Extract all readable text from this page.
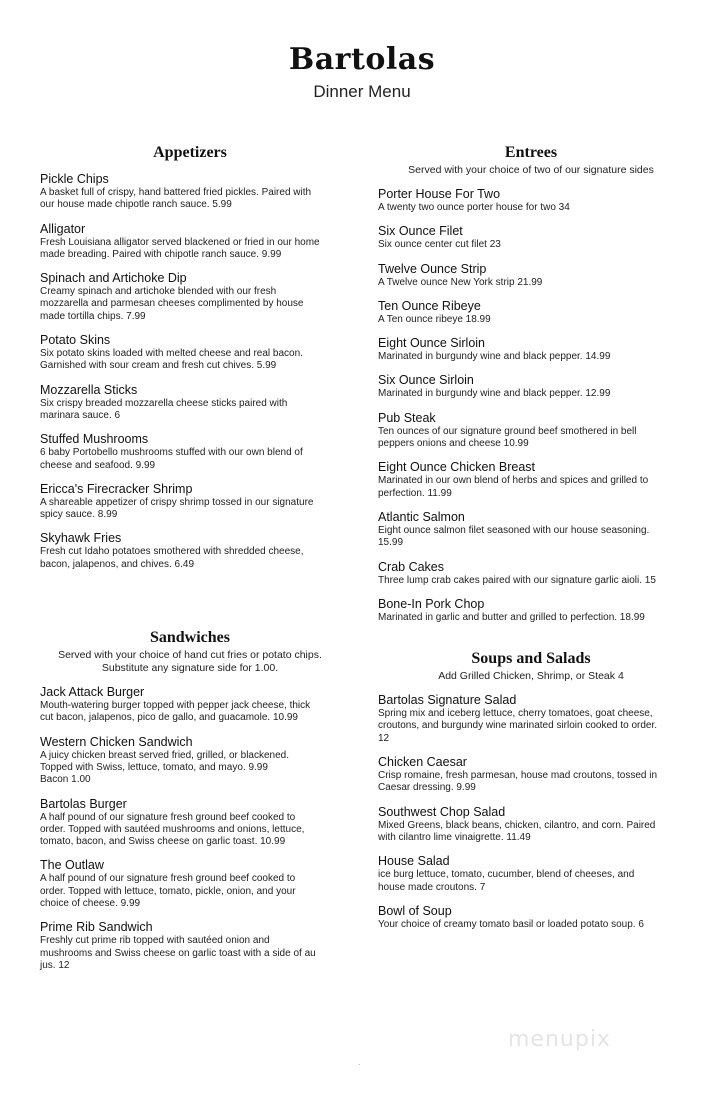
Bartolas
Dinner Menu
Appetizers
Pickle Chips
A basket full of crispy, hand battered fried pickles. Paired with
our house made chipotle ranch sauce. 5.99
Alligator
Fresh Louisiana alligator served blackened or fried in our home
made breading. Paired with chipotle ranch sauce. 9.99
Spinach and Artichoke Dip
Creamy spinach and artichoke blended with our fresh
mozzarella and parmesan cheeses complimented by house
made tortilla chips. 7.99
Potato Skins
Six potato skins loaded with melted cheese and real bacon.
Garnished with sour cream and fresh cut chives. 5.99
Mozzarella Sticks
Six crispy breaded mozzarella cheese sticks paired with
marinara sauce. 6
Stuffed Mushrooms
6 baby Portobello mushrooms stuffed with our own blend of
cheese and seafood. 9.99
Ericca's Firecracker Shrimp
A shareable appetizer of crispy shrimp tossed in our signature
spicy sauce. 8.99
Skyhawk Fries
Fresh cut Idaho potatoes smothered with shredded cheese,
bacon, jalapenos, and chives. 6.49
Sandwiches
Served with your choice of hand cut fries or potato chips.
Substitute any signature side for 1.00.
Jack Attack Burger
Mouth-watering burger topped with pepper jack cheese, thick
cut bacon, jalapenos, pico de gallo, and guacamole. 10.99
Western Chicken Sandwich
A juicy chicken breast served fried, grilled, or blackened.
Topped with Swiss, lettuce, tomato, and mayo. 9.99
Bacon 1.00
Bartolas Burger
A half pound of our signature fresh ground beef cooked to
order. Topped with sautéed mushrooms and onions, lettuce,
tomato, bacon, and Swiss cheese on garlic toast. 10.99
The Outlaw
A half pound of our signature fresh ground beef cooked to
order. Topped with lettuce, tomato, pickle, onion, and your
choice of cheese. 9.99
Prime Rib Sandwich
Freshly cut prime rib topped with sautéed onion and
mushrooms and Swiss cheese on garlic toast with a side of au
jus. 12
Entrees
Served with your choice of two of our signature sides
Porter House For Two
A twenty two ounce porter house for two 34
Six Ounce Filet
Six ounce center cut filet 23
Twelve Ounce Strip
A Twelve ounce New York strip 21.99
Ten Ounce Ribeye
A Ten ounce ribeye 18.99
Eight Ounce Sirloin
Marinated in burgundy wine and black pepper. 14.99
Six Ounce Sirloin
Marinated in burgundy wine and black pepper. 12.99
Pub Steak
Ten ounces of our signature ground beef smothered in bell
peppers onions and cheese 10.99
Eight Ounce Chicken Breast
Marinated in our own blend of herbs and spices and grilled to
perfection. 11.99
Atlantic Salmon
Eight ounce salmon filet seasoned with our house seasoning.
15.99
Crab Cakes
Three lump crab cakes paired with our signature garlic aioli. 15
Bone-In Pork Chop
Marinated in garlic and butter and grilled to perfection. 18.99
Soups and Salads
Add Grilled Chicken, Shrimp, or Steak 4
Bartolas Signature Salad
Spring mix and iceberg lettuce, cherry tomatoes, goat cheese,
croutons, and burgundy wine marinated sirloin cooked to order.
12
Chicken Caesar
Crisp romaine, fresh parmesan, house mad croutons, tossed in
Caesar dressing. 9.99
Southwest Chop Salad
Mixed Greens, black beans, chicken, cilantro, and corn. Paired
with cilantro lime vinaigrette. 11.49
House Salad
ice burg lettuce, tomato, cucumber, blend of cheeses, and
house made croutons. 7
Bowl of Soup
Your choice of creamy tomato basil or loaded potato soup. 6
menupix
·
